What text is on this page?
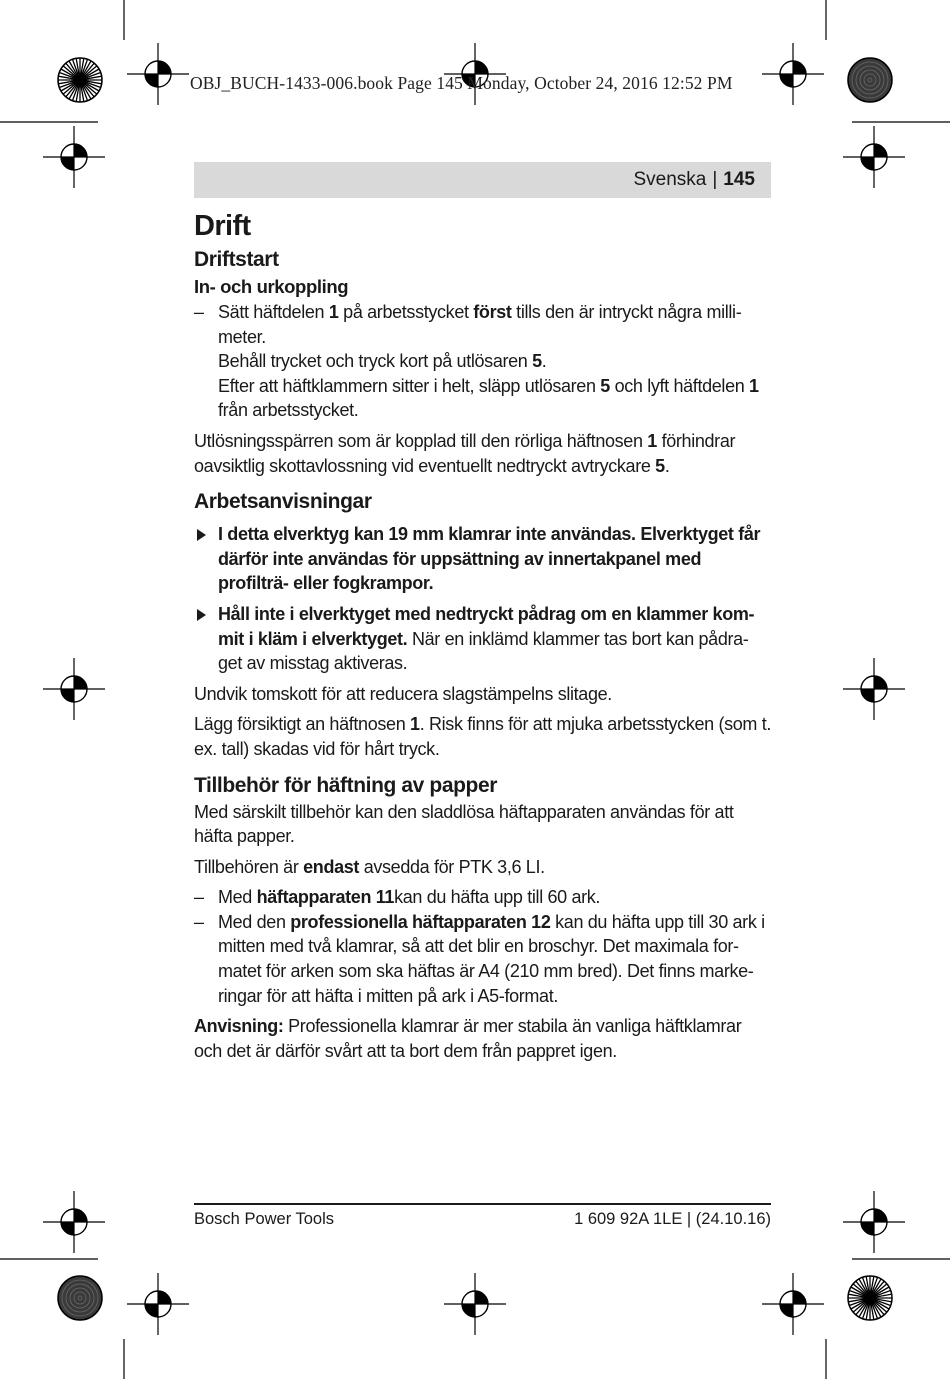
OBJ_BUCH-1433-006.book Page 145 Monday, October 24, 2016 12:52 PM
Svenska | 145

Drift

Driftstart

In- och urkoppling

– Sätt häftdelen 1 på arbetsstycket först tills den är intryckt några milli-meter.

Behåll trycket och tryck kort på utlösaren 5.

Efter att häftklammern sitter i helt, släpp utlösaren 5 och lyft häftdelen 1 från arbetsstycket.

Utlösningsspärren som är kopplad till den rörliga häftnosen 1 förhindrar oavsiktlig skottavlossning vid eventuellt nedtryckt avtryckare 5.

Arbetsanvisningar

I detta elverktyg kan 19 mm klamrar inte användas. Elverktyget får därför inte användas för uppsättning av innertakpanel med profilträ- eller fogkrampor.

Håll inte i elverktyget med nedtryckt pådrag om en klammer kom-mit i kläm i elverktyget. När en inklämd klammer tas bort kan pådra-get av misstag aktiveras.

Undvik tomskott för att reducera slagstämpelns slitage.

Lägg försiktigt an häftnosen 1. Risk finns för att mjuka arbetsstycken (som t. ex. tall) skadas vid för hårt tryck.

Tillbehör för häftning av papper

Med särskilt tillbehör kan den sladdlösa häftapparaten användas för att häfta papper.

Tillbehören är endast avsedda för PTK 3,6 LI.

– Med häftapparaten 11kan du häfta upp till 60 ark.

– Med den professionella häftapparaten 12 kan du häfta upp till 30 ark i mitten med två klamrar, så att det blir en broschyr. Det maximala for-matet för arken som ska häftas är A4 (210 mm bred). Det finns marke-ringar för att häfta i mitten på ark i A5-format.

Anvisning: Professionella klamrar är mer stabila än vanliga häftklamrar och det är därför svårt att ta bort dem från pappret igen.

Bosch Power Tools	1 609 92A 1LE | (24.10.16)
